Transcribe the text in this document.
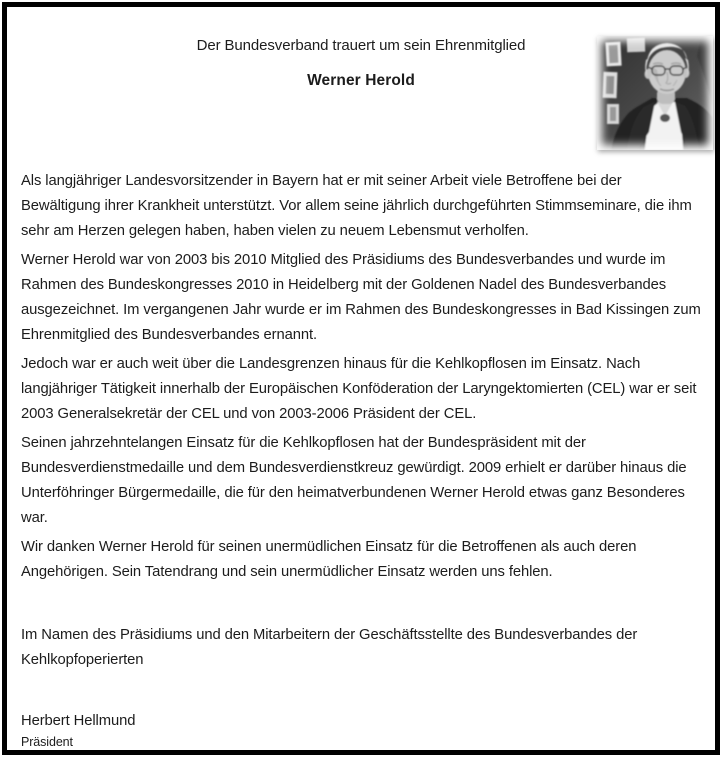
Der Bundesverband trauert um sein Ehrenmitglied
Werner Herold

Als langjähriger Landesvorsitzender in Bayern hat er mit seiner Arbeit viele Betroffene bei der Bewältigung ihrer Krankheit unterstützt. Vor allem seine jährlich durchgeführten Stimmseminare, die ihm sehr am Herzen gelegen haben, haben vielen zu neuem Lebensmut verholfen.

Werner Herold war von 2003 bis 2010 Mitglied des Präsidiums des Bundesverbandes und wurde im Rahmen des Bundeskongresses 2010 in Heidelberg mit der Goldenen Nadel des Bundesverbandes ausgezeichnet. Im vergangenen Jahr wurde er im Rahmen des Bundeskongresses in Bad Kissingen zum Ehrenmitglied des Bundesverbandes ernannt.

Jedoch war er auch weit über die Landesgrenzen hinaus für die Kehlkopflosen im Einsatz. Nach langjähriger Tätigkeit innerhalb der Europäischen Konföderation der Laryngektomierten (CEL) war er seit 2003 Generalsekretär der CEL und von 2003-2006 Präsident der CEL.

Seinen jahrzehntelangen Einsatz für die Kehlkopflosen hat der Bundespräsident mit der Bundesverdienstmedaille und dem Bundesverdienstkreuz gewürdigt. 2009 erhielt er darüber hinaus die Unterföhringer Bürgermedaille, die für den heimatverbundenen Werner Herold etwas ganz Besonderes war.

Wir danken Werner Herold für seinen unermüdlichen Einsatz für die Betroffenen als auch deren Angehörigen. Sein Tatendrang und sein unermüdlicher Einsatz werden uns fehlen.

Im Namen des Präsidiums und den Mitarbeitern der Geschäftsstellte des Bundesverbandes der Kehlkopfoperierten

Herbert Hellmund
Präsident
